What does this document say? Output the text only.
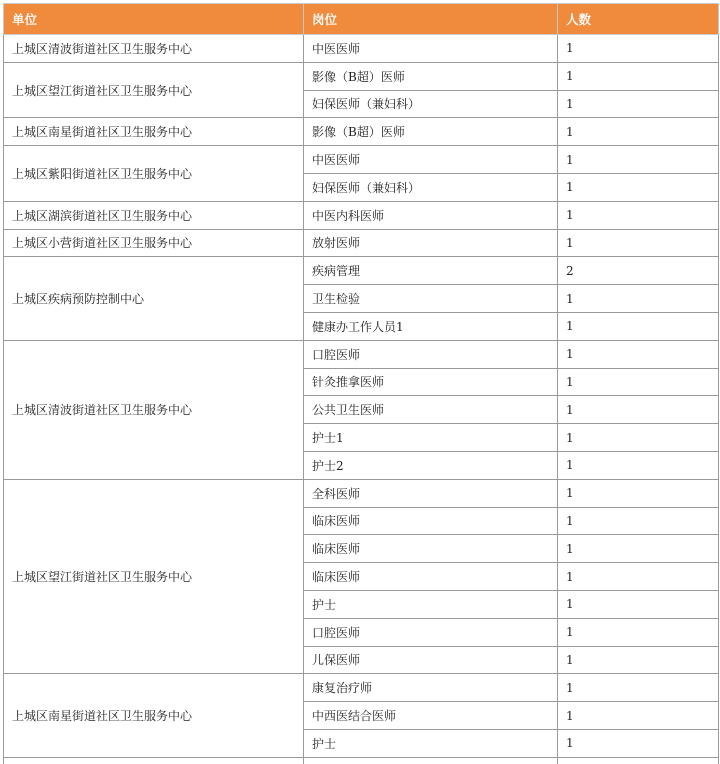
单位	岗位	人数
上城区清波街道社区卫生服务中心	中医医师	1
上城区望江街道社区卫生服务中心	影像（B超）医师	1
	妇保医师（兼妇科）	1
上城区南星街道社区卫生服务中心	影像（B超）医师	1
上城区紫阳街道社区卫生服务中心	中医医师	1
	妇保医师（兼妇科）	1
上城区湖滨街道社区卫生服务中心	中医内科医师	1
上城区小营街道社区卫生服务中心	放射医师	1
上城区疾病预防控制中心	疾病管理	2
	卫生检验	1
	健康办工作人员1	1
上城区清波街道社区卫生服务中心	口腔医师	1
	针灸推拿医师	1
	公共卫生医师	1
	护士1	1
	护士2	1
上城区望江街道社区卫生服务中心	全科医师	1
	临床医师	1
	临床医师	1
	临床医师	1
	护士	1
	口腔医师	1
	儿保医师	1
上城区南星街道社区卫生服务中心	康复治疗师	1
	中西医结合医师	1
	护士	1
